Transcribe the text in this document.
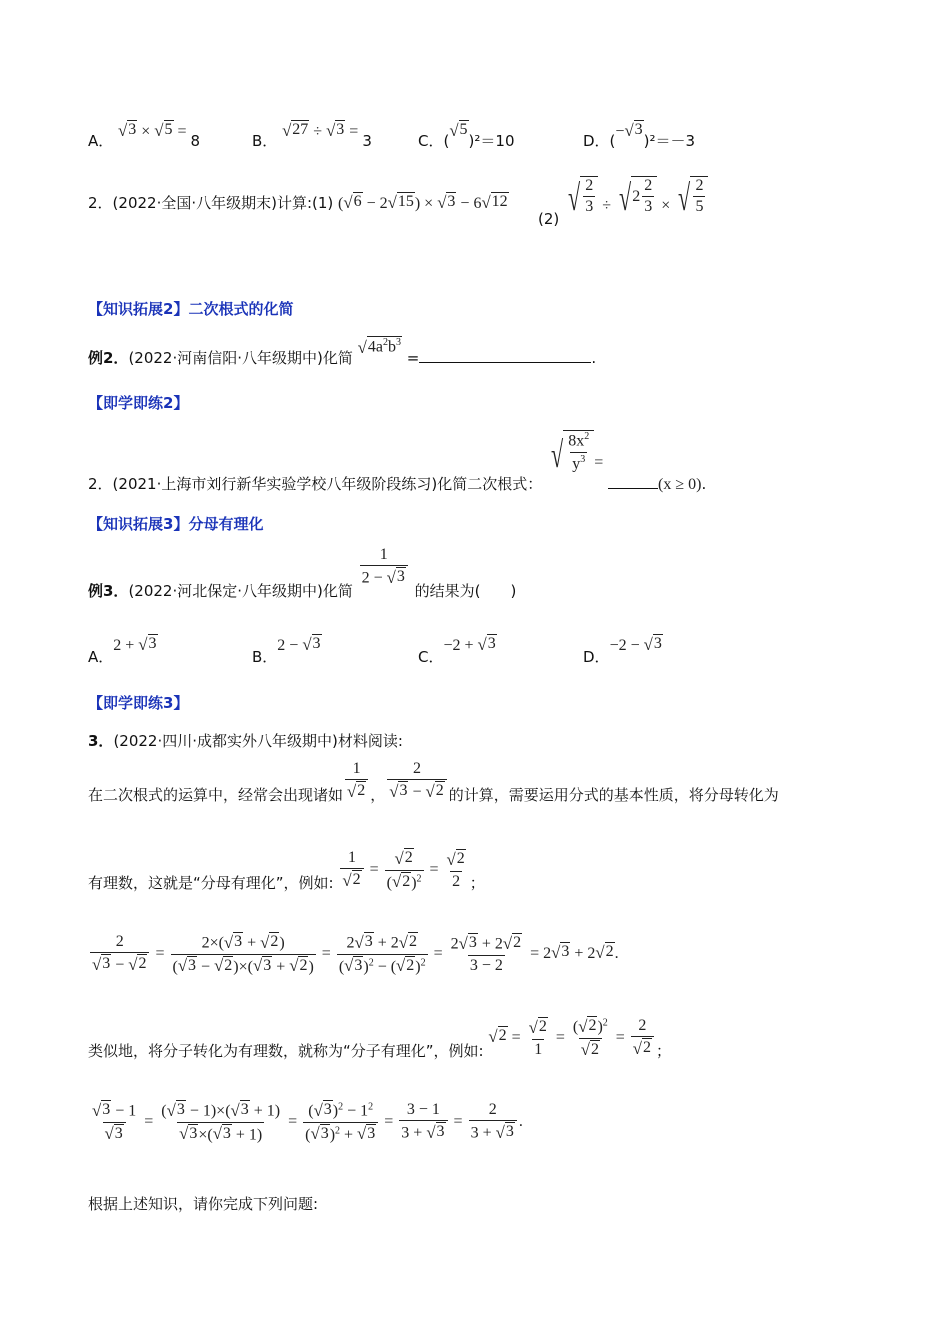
A．
√ 3 × √ 5 = 8	B．
√ 27 ÷ √ 3 = 3	C．(
√ 5
)²＝10	D．(− √ 3
)²＝－3
2．(2022·全国·八年级期末)计算:(1) ( √ 6 − 2 √ 15 ) × √ 3 − 6 √ 12
(2)
√ $\frac{2}{3}$ ÷ √ $2 \frac{2}{3}$ × √ $\frac{2}{5}$
【知识拓展2】二次根式的化简
例2．(2022·河南信阳·八年级期中)化简
√ $4a^2b^3$
=	.
【即学即练2】
2．(2021·上海市刘行新华实验学校八年级阶段练习)化简二次根式：
√ $\frac{8x^2}{y^3} = (x \ge 0)$.
【知识拓展3】分母有理化
例3．(2022·河北保定·八年级期中)化简
$\frac{1}{2 - √ 3}$
的结果为(　　)
A．2 + √ 3
B．2 − √ 3
C．−2 + √ 3
D．−2 − √ 3
【即学即练3】
3．(2022·四川·成都实外八年级期中)材料阅读:
在二次根式的运算中，经常会出现诸如 $\frac{1}{√ 2}$ ， $\frac{2}{√ 3 - √ 2}$ 的计算，需要运用分式的基本性质，将分母转化为
有理数，这就是“分母有理化”，例如: $\frac{1}{√ 2} = \frac{√ 2}{( √ 2 )^2} = \frac{√ 2}{2}$ ；
$\frac{2}{√ 3 - √ 2} = \frac{2\times( √ 3 + √ 2 )}{( √ 3 - √ 2 )\times( √ 3 + √ 2 )} = \frac{2 √ 3 + 2 √ 2}{( √ 3 )^2 - ( √ 2 )^2} = \frac{2 √ 3 + 2 √ 2}{3 - 2} = 2$ √ 3 + 2 √ 2 .
类似地，将分子转化为有理数，就称为“分子有理化”，例如:
√ $2 = \frac{√ 2}{1} = \frac{( √ 2 )^2}{√ 2} = \frac{2}{√ 2}$ ；
$\frac{√ 3 - 1}{√ 3} = \frac{( √ 3 - 1)\times( √ 3 + 1)}{√ 3 \times( √ 3 + 1)} = \frac{( √ 3 )^2 - 1^2}{( √ 3 )^2 + √ 3} = \frac{3 - 1}{3 + √ 3} = \frac{2}{3 + √ 3}$ .
根据上述知识，请你完成下列问题:
